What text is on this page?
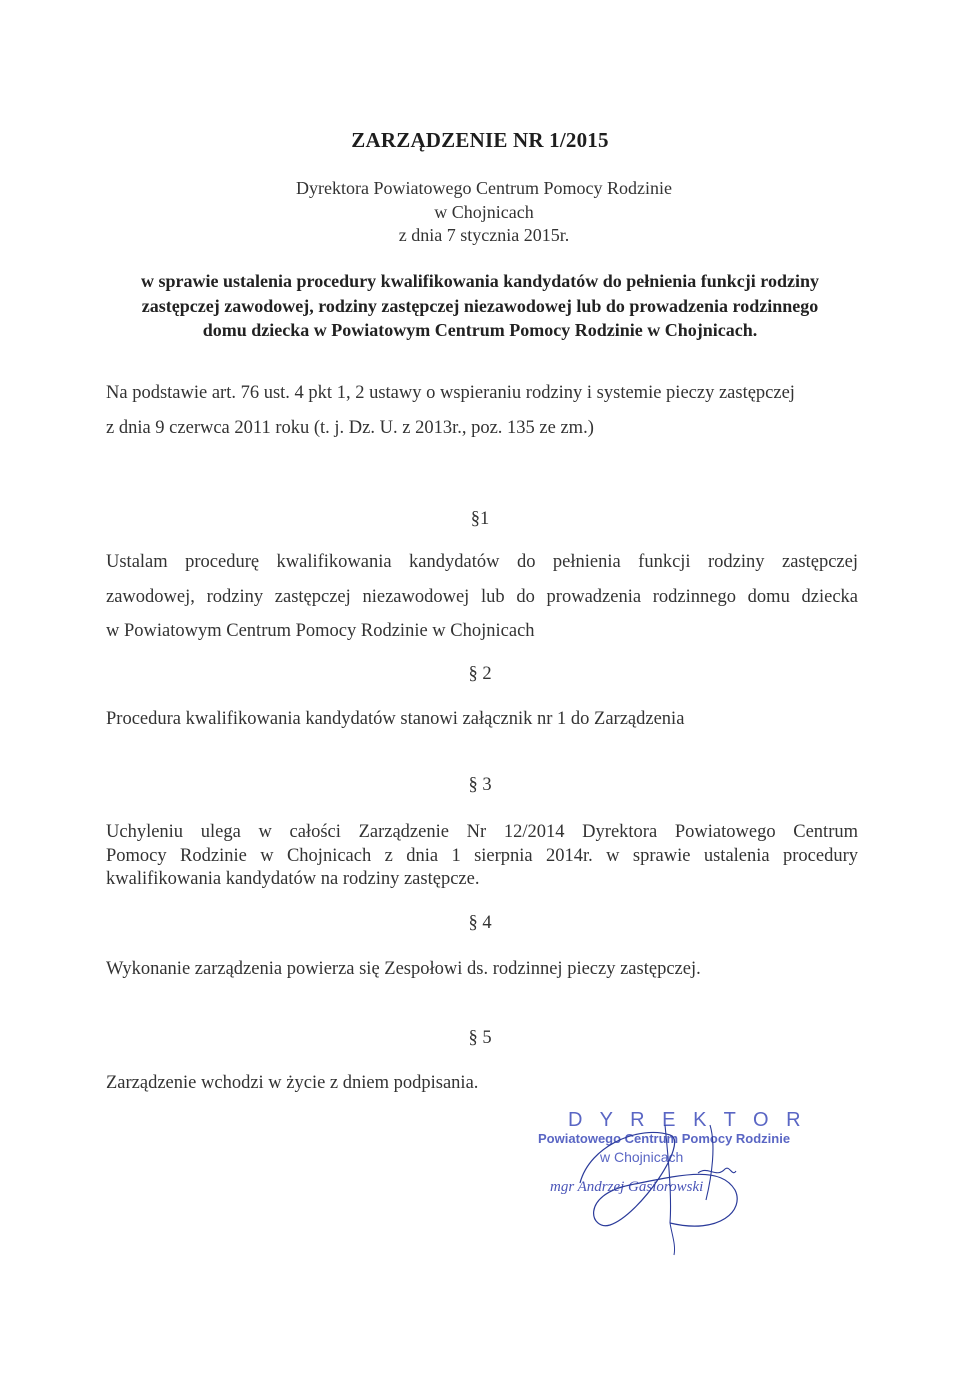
ZARZĄDZENIE NR 1/2015
Dyrektora Powiatowego Centrum Pomocy Rodzinie
w Chojnicach
z dnia 7 stycznia 2015r.
w sprawie ustalenia procedury kwalifikowania kandydatów do pełnienia funkcji rodziny
zastępczej zawodowej, rodziny zastępczej niezawodowej lub do prowadzenia rodzinnego
domu dziecka w Powiatowym Centrum Pomocy Rodzinie w Chojnicach.
Na podstawie art. 76 ust. 4 pkt 1, 2 ustawy o wspieraniu rodziny i systemie pieczy zastępczej
z dnia 9 czerwca 2011 roku (t. j. Dz. U. z 2013r., poz. 135 ze zm.)
§1
Ustalam procedurę kwalifikowania kandydatów do pełnienia funkcji rodziny zastępczej
zawodowej, rodziny zastępczej niezawodowej lub do prowadzenia rodzinnego domu dziecka
w Powiatowym Centrum Pomocy Rodzinie w Chojnicach
§ 2
Procedura kwalifikowania kandydatów stanowi załącznik nr 1 do Zarządzenia
§ 3
Uchyleniu ulega w całości Zarządzenie Nr 12/2014 Dyrektora Powiatowego Centrum
Pomocy Rodzinie w Chojnicach z dnia 1 sierpnia 2014r. w sprawie ustalenia procedury
kwalifikowania kandydatów na rodziny zastępcze.
§ 4
Wykonanie zarządzenia powierza się Zespołowi ds. rodzinnej pieczy zastępczej.
§ 5
Zarządzenie wchodzi w życie z dniem podpisania.
D Y R E K T O R
Powiatowego Centrum Pomocy Rodzinie
w Chojnicach
mgr Andrzej Gasiorowski
